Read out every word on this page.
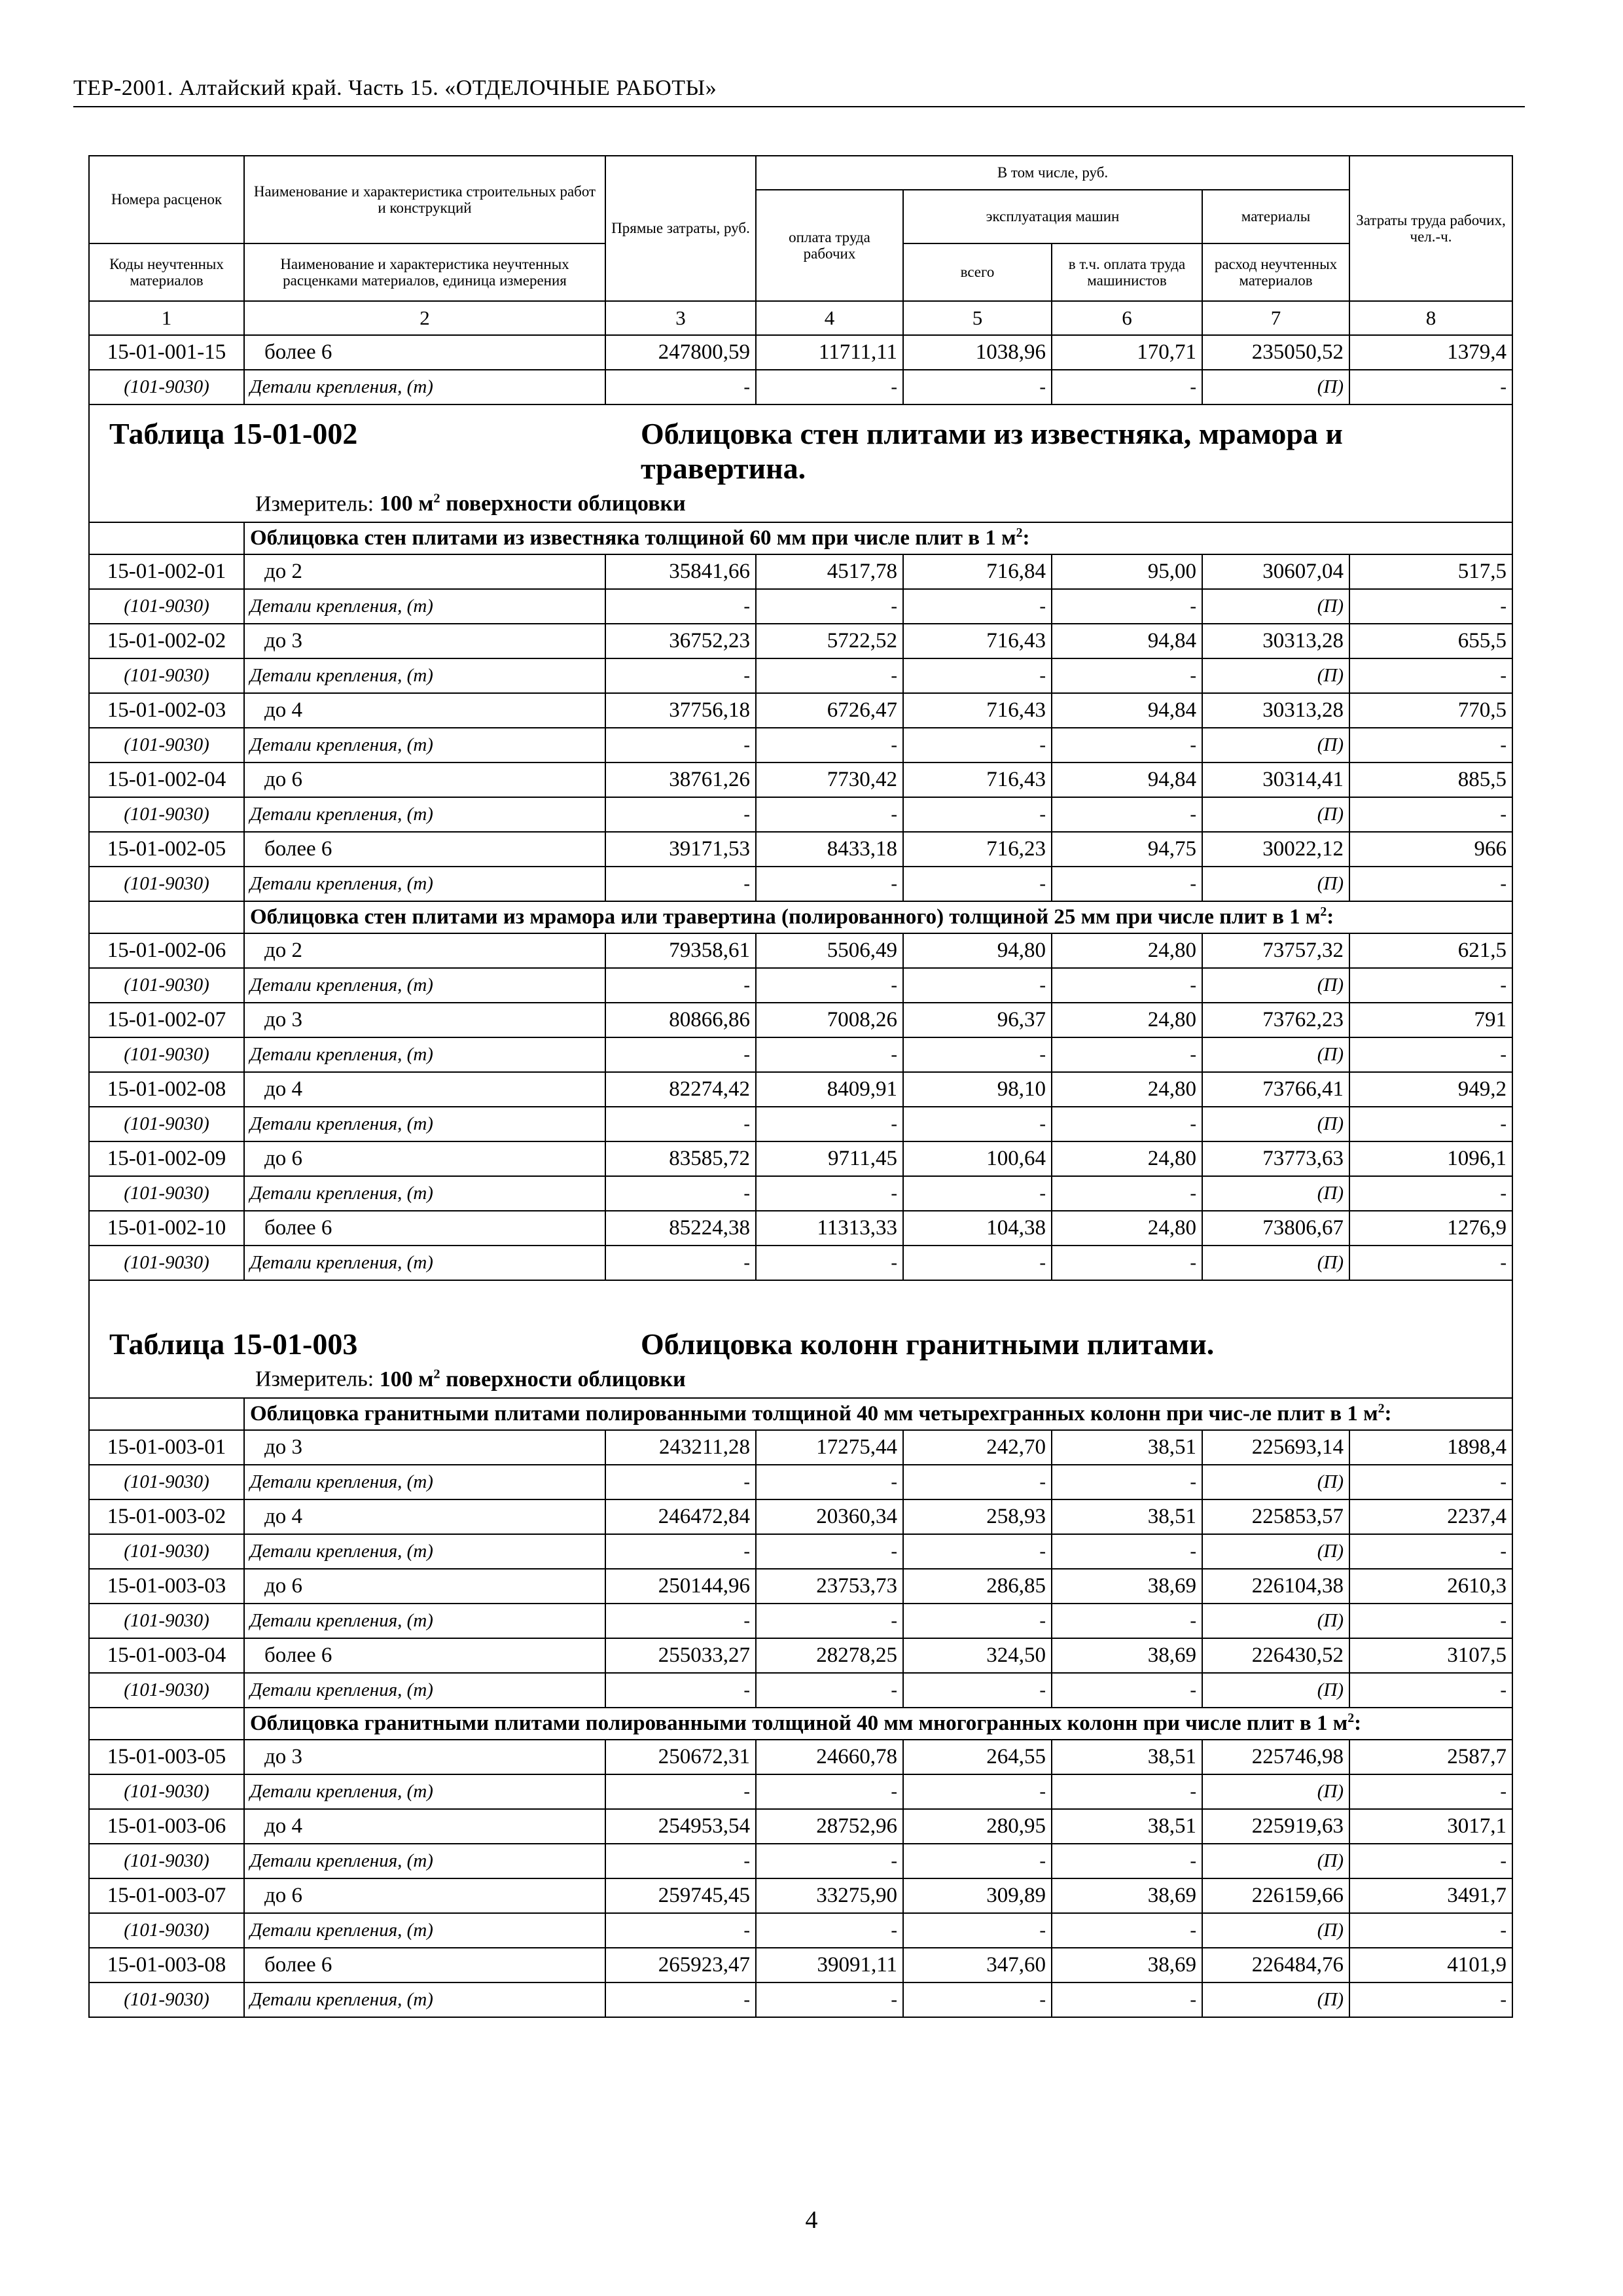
ТЕР-2001. Алтайский край. Часть 15. «ОТДЕЛОЧНЫЕ РАБОТЫ»
Номера расценок	Наименование и характеристика строительных работ и конструкций	Прямые затраты, руб.	В том числе, руб.				Затраты труда рабочих, чел.-ч.
			оплата труда рабочих	эксплуатация машин		материалы	
Коды неучтенных материалов	Наименование и характеристика неучтенных расценками материалов, единица измерения			всего	в т.ч. оплата труда машинистов	расход неучтенных материалов	

1	2	3	4	5	6	7	8
15-01-001-15	более 6	247800,59	11711,11	1038,96	170,71	235050,52	1379,4
(101-9030)	Детали крепления, (т)	-	-	-	-	(П)	-

Таблица 15-01-002 Облицовка стен плитами из известняка, мрамора и травертина.
Измеритель: 100 $м^2$ поверхности облицовки							

	Облицовка стен плитами из известняка толщиной 60 мм при числе плит в 1 $м^2$:						
15-01-002-01	до 2	35841,66	4517,78	716,84	95,00	30607,04	517,5
(101-9030)	Детали крепления, (т)	-	-	-	-	(П)	-
15-01-002-02	до 3	36752,23	5722,52	716,43	94,84	30313,28	655,5
(101-9030)	Детали крепления, (т)	-	-	-	-	(П)	-
15-01-002-03	до 4	37756,18	6726,47	716,43	94,84	30313,28	770,5
(101-9030)	Детали крепления, (т)	-	-	-	-	(П)	-
15-01-002-04	до 6	38761,26	7730,42	716,43	94,84	30314,41	885,5
(101-9030)	Детали крепления, (т)	-	-	-	-	(П)	-
15-01-002-05	более 6	39171,53	8433,18	716,23	94,75	30022,12	966
(101-9030)	Детали крепления, (т)	-	-	-	-	(П)	-
	Облицовка стен плитами из мрамора или травертина (полированного) толщиной 25 мм при числе плит в 1 $м^2$:						
15-01-002-06	до 2	79358,61	5506,49	94,80	24,80	73757,32	621,5
(101-9030)	Детали крепления, (т)	-	-	-	-	(П)	-
15-01-002-07	до 3	80866,86	7008,26	96,37	24,80	73762,23	791
(101-9030)	Детали крепления, (т)	-	-	-	-	(П)	-
15-01-002-08	до 4	82274,42	8409,91	98,10	24,80	73766,41	949,2
(101-9030)	Детали крепления, (т)	-	-	-	-	(П)	-
15-01-002-09	до 6	83585,72	9711,45	100,64	24,80	73773,63	1096,1
(101-9030)	Детали крепления, (т)	-	-	-	-	(П)	-
15-01-002-10	более 6	85224,38	11313,33	104,38	24,80	73806,67	1276,9
(101-9030)	Детали крепления, (т)	-	-	-	-	(П)	-

Таблица 15-01-003 Облицовка колонн гранитными плитами.
Измеритель: 100 $м^2$ поверхности облицовки							

	Облицовка гранитными плитами полированными толщиной 40 мм четырехгранных колонн при чис-ле плит в 1 $м^2$:						
15-01-003-01	до 3	243211,28	17275,44	242,70	38,51	225693,14	1898,4
(101-9030)	Детали крепления, (т)	-	-	-	-	(П)	-
15-01-003-02	до 4	246472,84	20360,34	258,93	38,51	225853,57	2237,4
(101-9030)	Детали крепления, (т)	-	-	-	-	(П)	-
15-01-003-03	до 6	250144,96	23753,73	286,85	38,69	226104,38	2610,3
(101-9030)	Детали крепления, (т)	-	-	-	-	(П)	-
15-01-003-04	более 6	255033,27	28278,25	324,50	38,69	226430,52	3107,5
(101-9030)	Детали крепления, (т)	-	-	-	-	(П)	-
	Облицовка гранитными плитами полированными толщиной 40 мм многогранных колонн при числе плит в 1 $м^2$:						
15-01-003-05	до 3	250672,31	24660,78	264,55	38,51	225746,98	2587,7
(101-9030)	Детали крепления, (т)	-	-	-	-	(П)	-
15-01-003-06	до 4	254953,54	28752,96	280,95	38,51	225919,63	3017,1
(101-9030)	Детали крепления, (т)	-	-	-	-	(П)	-
15-01-003-07	до 6	259745,45	33275,90	309,89	38,69	226159,66	3491,7
(101-9030)	Детали крепления, (т)	-	-	-	-	(П)	-
15-01-003-08	более 6	265923,47	39091,11	347,60	38,69	226484,76	4101,9
(101-9030)	Детали крепления, (т)	-	-	-	-	(П)	-
4
